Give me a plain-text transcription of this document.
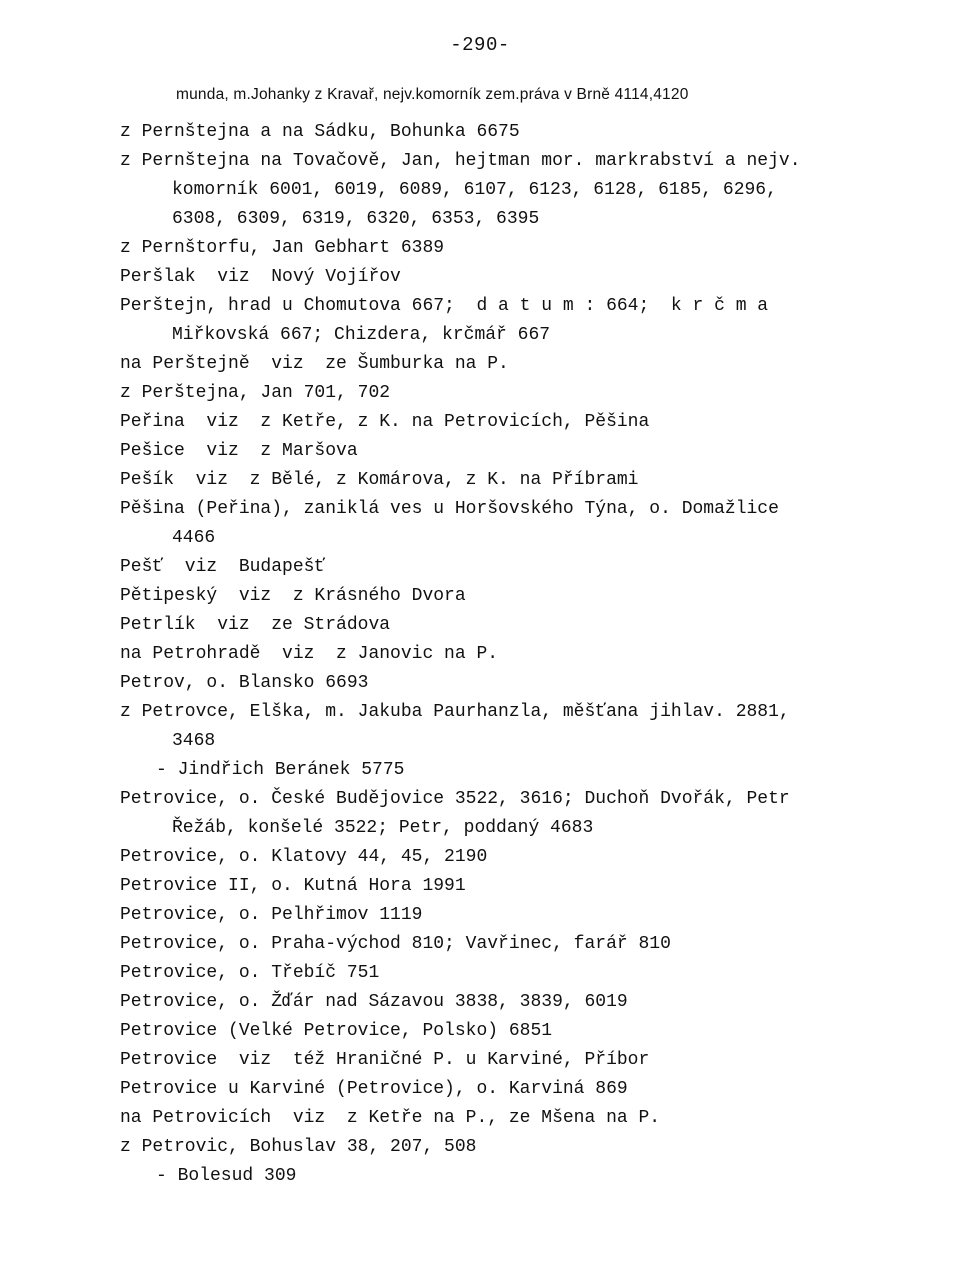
-290-
munda, m.Johanky z Kravař, nejv.komorník zem.práva v Brně 4114,4120
z Pernštejna a na Sádku, Bohunka 6675
z Pernštejna na Tovačově, Jan, hejtman mor. markrabství a nejv.
komorník 6001, 6019, 6089, 6107, 6123, 6128, 6185, 6296,
6308, 6309, 6319, 6320, 6353, 6395
z Pernštorfu, Jan Gebhart 6389
Peršlak  viz  Nový Vojířov
Perštejn, hrad u Chomutova 667;  d a t u m : 664;  k r č m a
Miřkovská 667; Chizdera, krčmář 667
na Perštejně  viz  ze Šumburka na P.
z Perštejna, Jan 701, 702
Peřina  viz  z Ketře, z K. na Petrovicích, Pěšina
Pešice  viz  z Maršova
Pešík  viz  z Bělé, z Komárova, z K. na Příbrami
Pěšina (Peřina), zaniklá ves u Horšovského Týna, o. Domažlice
4466
Pešť  viz  Budapešť
Pětipeský  viz  z Krásného Dvora
Petrlík  viz  ze Strádova
na Petrohradě  viz  z Janovic na P.
Petrov, o. Blansko 6693
z Petrovce, Elška, m. Jakuba Paurhanzla, měšťana jihlav. 2881,
3468
- Jindřich Beránek 5775
Petrovice, o. České Budějovice 3522, 3616; Duchoň Dvořák, Petr
Řežáb, konšelé 3522; Petr, poddaný 4683
Petrovice, o. Klatovy 44, 45, 2190
Petrovice II, o. Kutná Hora 1991
Petrovice, o. Pelhřimov 1119
Petrovice, o. Praha-východ 810; Vavřinec, farář 810
Petrovice, o. Třebíč 751
Petrovice, o. Žďár nad Sázavou 3838, 3839, 6019
Petrovice (Velké Petrovice, Polsko) 6851
Petrovice  viz  též Hraničné P. u Karviné, Příbor
Petrovice u Karviné (Petrovice), o. Karviná 869
na Petrovicích  viz  z Ketře na P., ze Mšena na P.
z Petrovic, Bohuslav 38, 207, 508
- Bolesud 309
